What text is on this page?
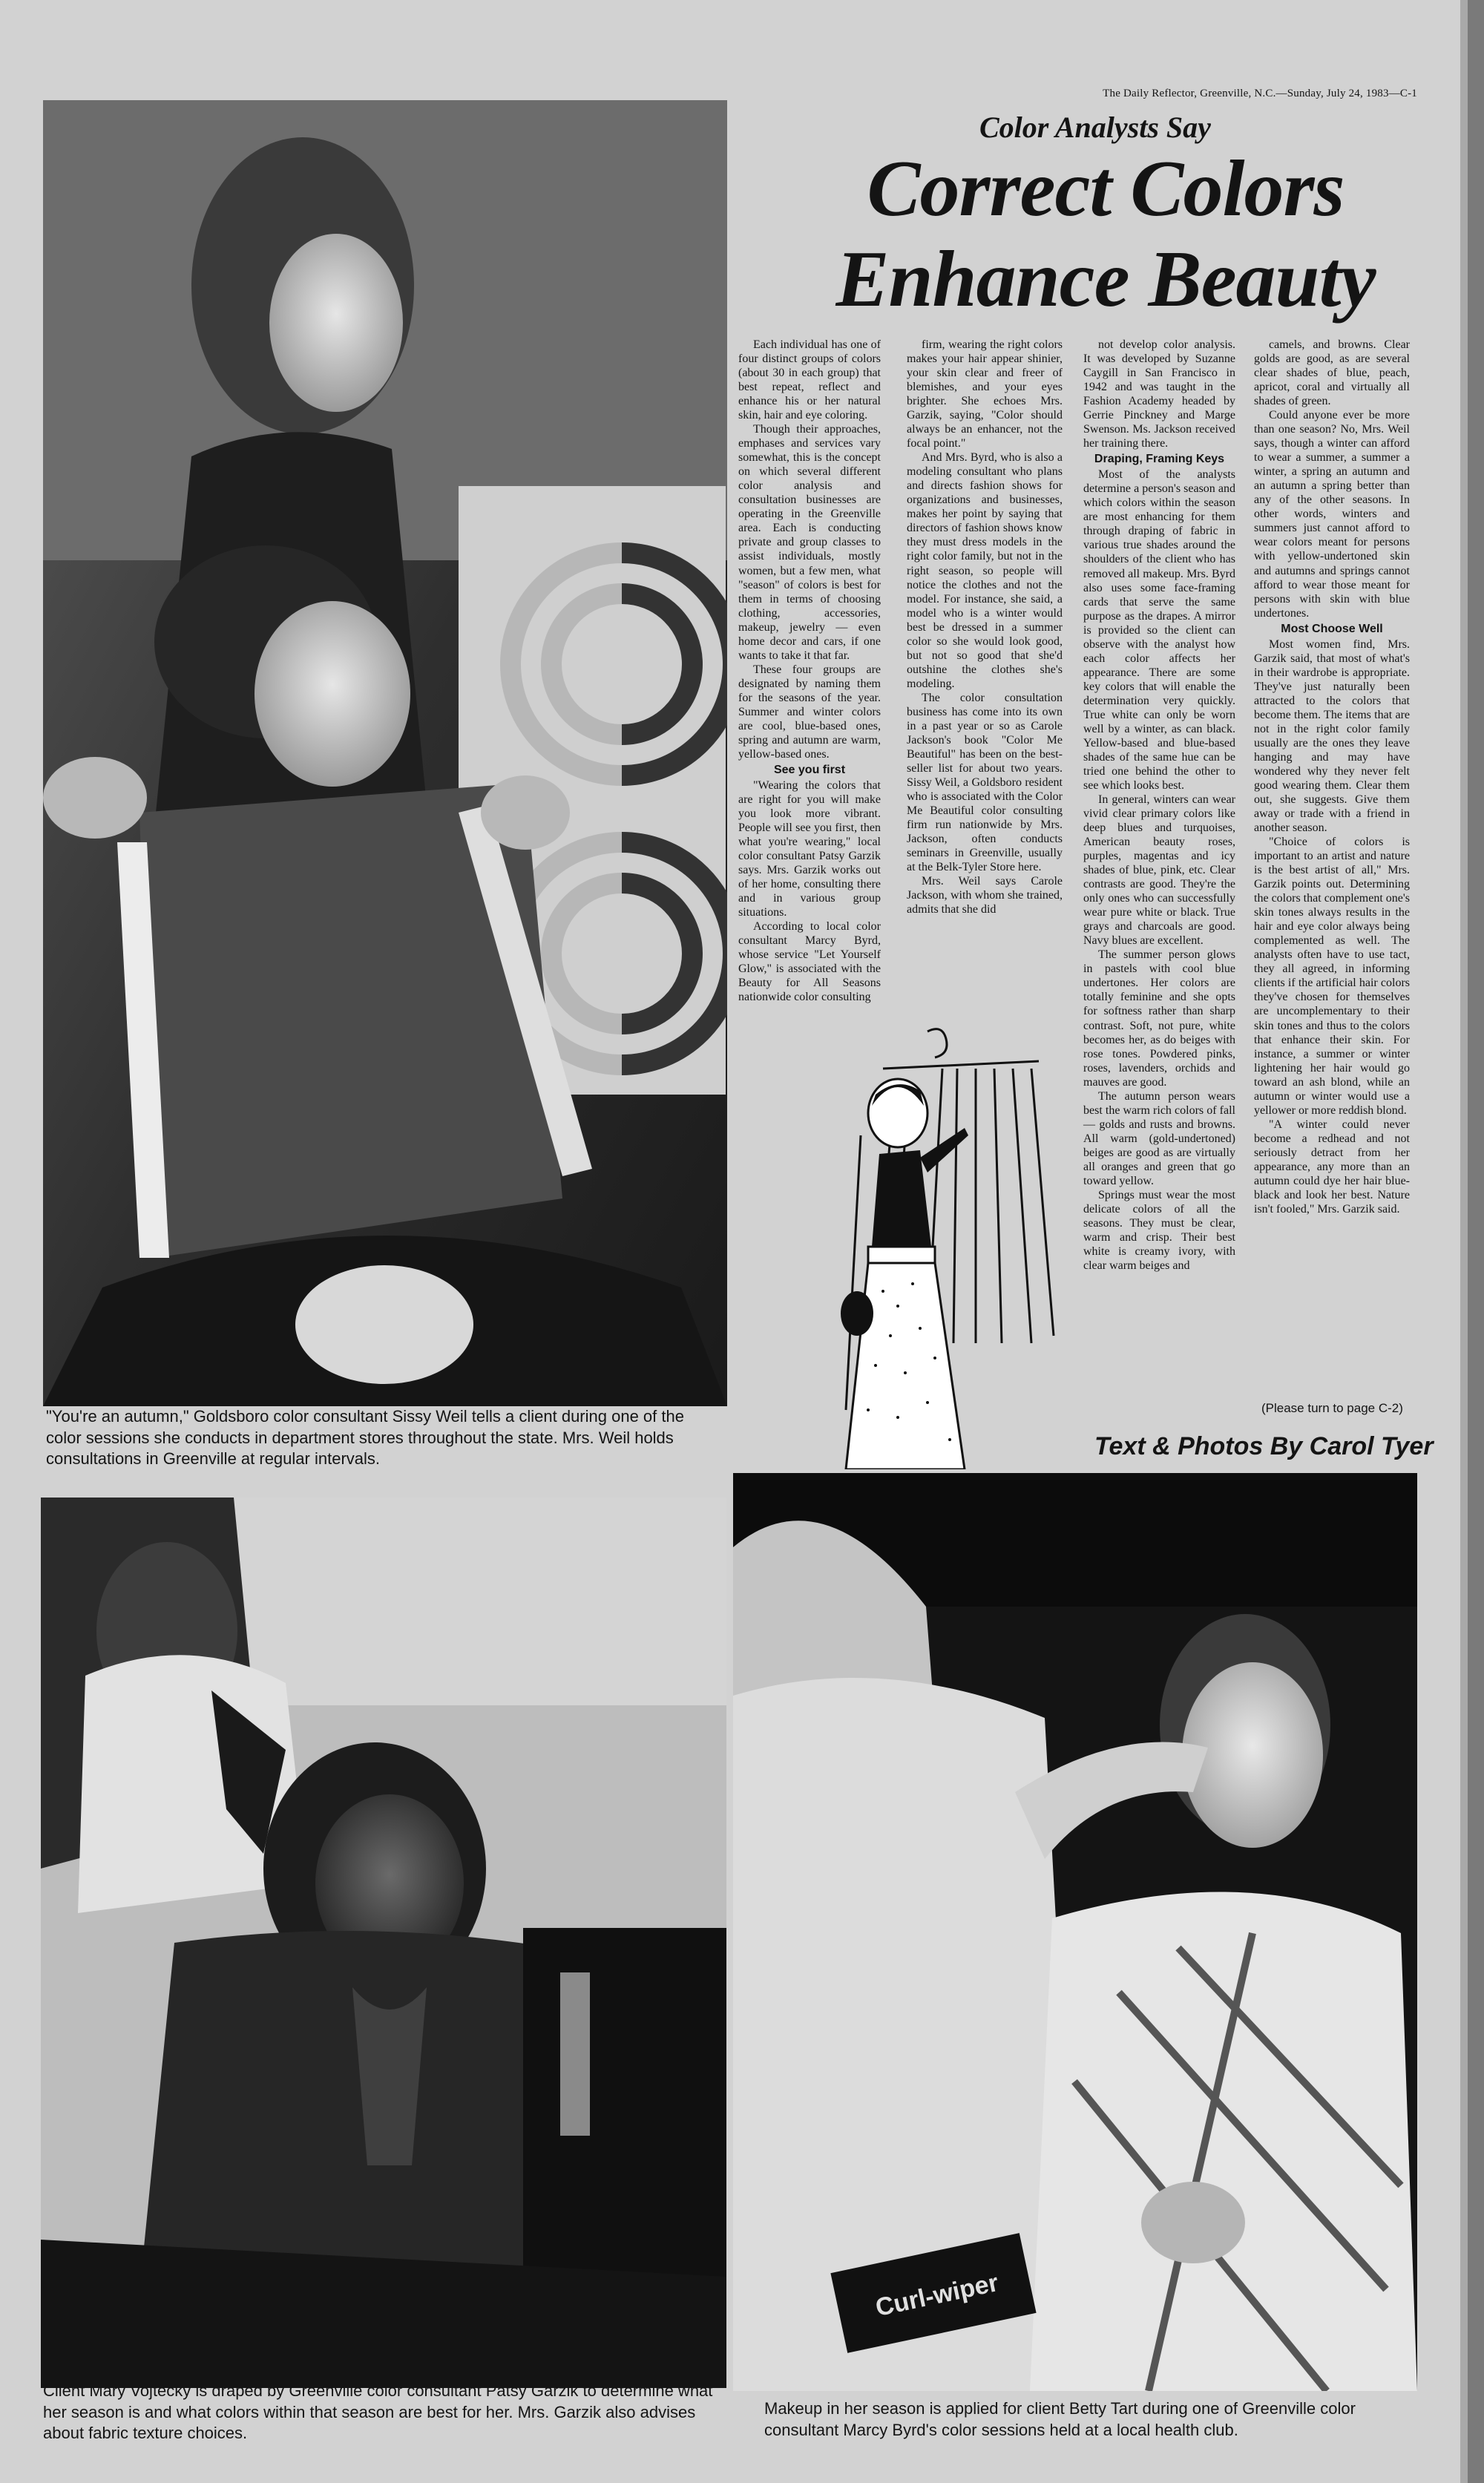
The Daily Reflector, Greenville, N.C.—Sunday, July 24, 1983—C-1
Color Analysts Say
Correct Colors
Enhance Beauty
"You're an autumn," Goldsboro color consultant Sissy Weil tells a client during one of the color sessions she conducts in department stores throughout the state. Mrs. Weil holds consultations in Greenville at regular intervals.

Each individual has one of four distinct groups of colors (about 30 in each group) that best repeat, reflect and enhance his or her natural skin, hair and eye coloring.

Though their approaches, emphases and services vary somewhat, this is the concept on which several different color analysis and consultation businesses are operating in the Greenville area. Each is conducting private and group classes to assist individuals, mostly women, but a few men, what "season" of colors is best for them in terms of choosing clothing, accessories, makeup, jewelry — even home decor and cars, if one wants to take it that far.

These four groups are designated by naming them for the seasons of the year. Summer and winter colors are cool, blue-based ones, spring and autumn are warm, yellow-based ones.

See you first

"Wearing the colors that are right for you will make you look more vibrant. People will see you first, then what you're wearing," local color consultant Patsy Garzik says. Mrs. Garzik works out of her home, consulting there and in various group situations.

According to local color consultant Marcy Byrd, whose service "Let Yourself Glow," is associated with the Beauty for All Seasons nationwide color consulting

firm, wearing the right colors makes your hair appear shinier, your skin clear and freer of blemishes, and your eyes brighter. She echoes Mrs. Garzik, saying, "Color should always be an enhancer, not the focal point."

And Mrs. Byrd, who is also a modeling consultant who plans and directs fashion shows for organizations and businesses, makes her point by saying that directors of fashion shows know they must dress models in the right color family, but not in the right season, so people will notice the clothes and not the model. For instance, she said, a model who is a winter would best be dressed in a summer color so she would look good, but not so good that she'd outshine the clothes she's modeling.

The color consultation business has come into its own in a past year or so as Carole Jackson's book "Color Me Beautiful" has been on the best-seller list for about two years. Sissy Weil, a Goldsboro resident who is associated with the Color Me Beautiful color consulting firm run nationwide by Mrs. Jackson, often conducts seminars in Greenville, usually at the Belk-Tyler Store here.

Mrs. Weil says Carole Jackson, with whom she trained, admits that she did

not develop color analysis. It was developed by Suzanne Caygill in San Francisco in 1942 and was taught in the Fashion Academy headed by Gerrie Pinckney and Marge Swenson. Ms. Jackson received her training there.

Draping, Framing Keys

Most of the analysts determine a person's season and which colors within the season are most enhancing for them through draping of fabric in various true shades around the shoulders of the client who has removed all makeup. Mrs. Byrd also uses some face-framing cards that serve the same purpose as the drapes. A mirror is provided so the client can observe with the analyst how each color affects her appearance. There are some key colors that will enable the determination very quickly. True white can only be worn well by a winter, as can black. Yellow-based and blue-based shades of the same hue can be tried one behind the other to see which looks best.

In general, winters can wear vivid clear primary colors like deep blues and turquoises, American beauty roses, purples, magentas and icy shades of blue, pink, etc. Clear contrasts are good. They're the only ones who can successfully wear pure white or black. True grays and charcoals are good. Navy blues are excellent.

The summer person glows in pastels with cool blue undertones. Her colors are totally feminine and she opts for softness rather than sharp contrast. Soft, not pure, white becomes her, as do beiges with rose tones. Powdered pinks, roses, lavenders, orchids and mauves are good.

The autumn person wears best the warm rich colors of fall — golds and rusts and browns. All warm (gold-undertoned) beiges are good as are virtually all oranges and green that go toward yellow.

Springs must wear the most delicate colors of all the seasons. They must be clear, warm and crisp. Their best white is creamy ivory, with clear warm beiges and

camels, and browns. Clear golds are good, as are several clear shades of blue, peach, apricot, coral and virtually all shades of green.

Could anyone ever be more than one season? No, Mrs. Weil says, though a winter can afford to wear a summer, a summer a winter, a spring an autumn and an autumn a spring better than any of the other seasons. In other words, winters and summers just cannot afford to wear colors meant for persons with yellow-undertoned skin and autumns and springs cannot afford to wear those meant for persons with skin with blue undertones.

Most Choose Well

Most women find, Mrs. Garzik said, that most of what's in their wardrobe is appropriate. They've just naturally been attracted to the colors that become them. The items that are not in the right color family usually are the ones they leave hanging and may have wondered why they never felt good wearing them. Clear them out, she suggests. Give them away or trade with a friend in another season.

"Choice of colors is important to an artist and nature is the best artist of all," Mrs. Garzik points out. Determining the colors that complement one's skin tones always results in the hair and eye color always being complemented as well. The analysts often have to use tact, they all agreed, in informing clients if the artificial hair colors they've chosen for themselves are uncomplementary to their skin tones and thus to the colors that enhance their skin. For instance, a summer or winter lightening her hair would go toward an ash blond, while an autumn or winter would use a yellower or more reddish blond.

"A winter could never become a redhead and not seriously detract from her appearance, any more than an autumn could dye her hair blue-black and look her best. Nature isn't fooled," Mrs. Garzik said.

(Please turn to page C-2)
Text & Photos By Carol Tyer
Client Mary Vojtecky is draped by Greenville color consultant Patsy Garzik to determine what her season is and what colors within that season are best for her. Mrs. Garzik also advises about fabric texture choices.
Curl-wiper
Makeup in her season is applied for client Betty Tart during one of Greenville color consultant Marcy Byrd's color sessions held at a local health club.
